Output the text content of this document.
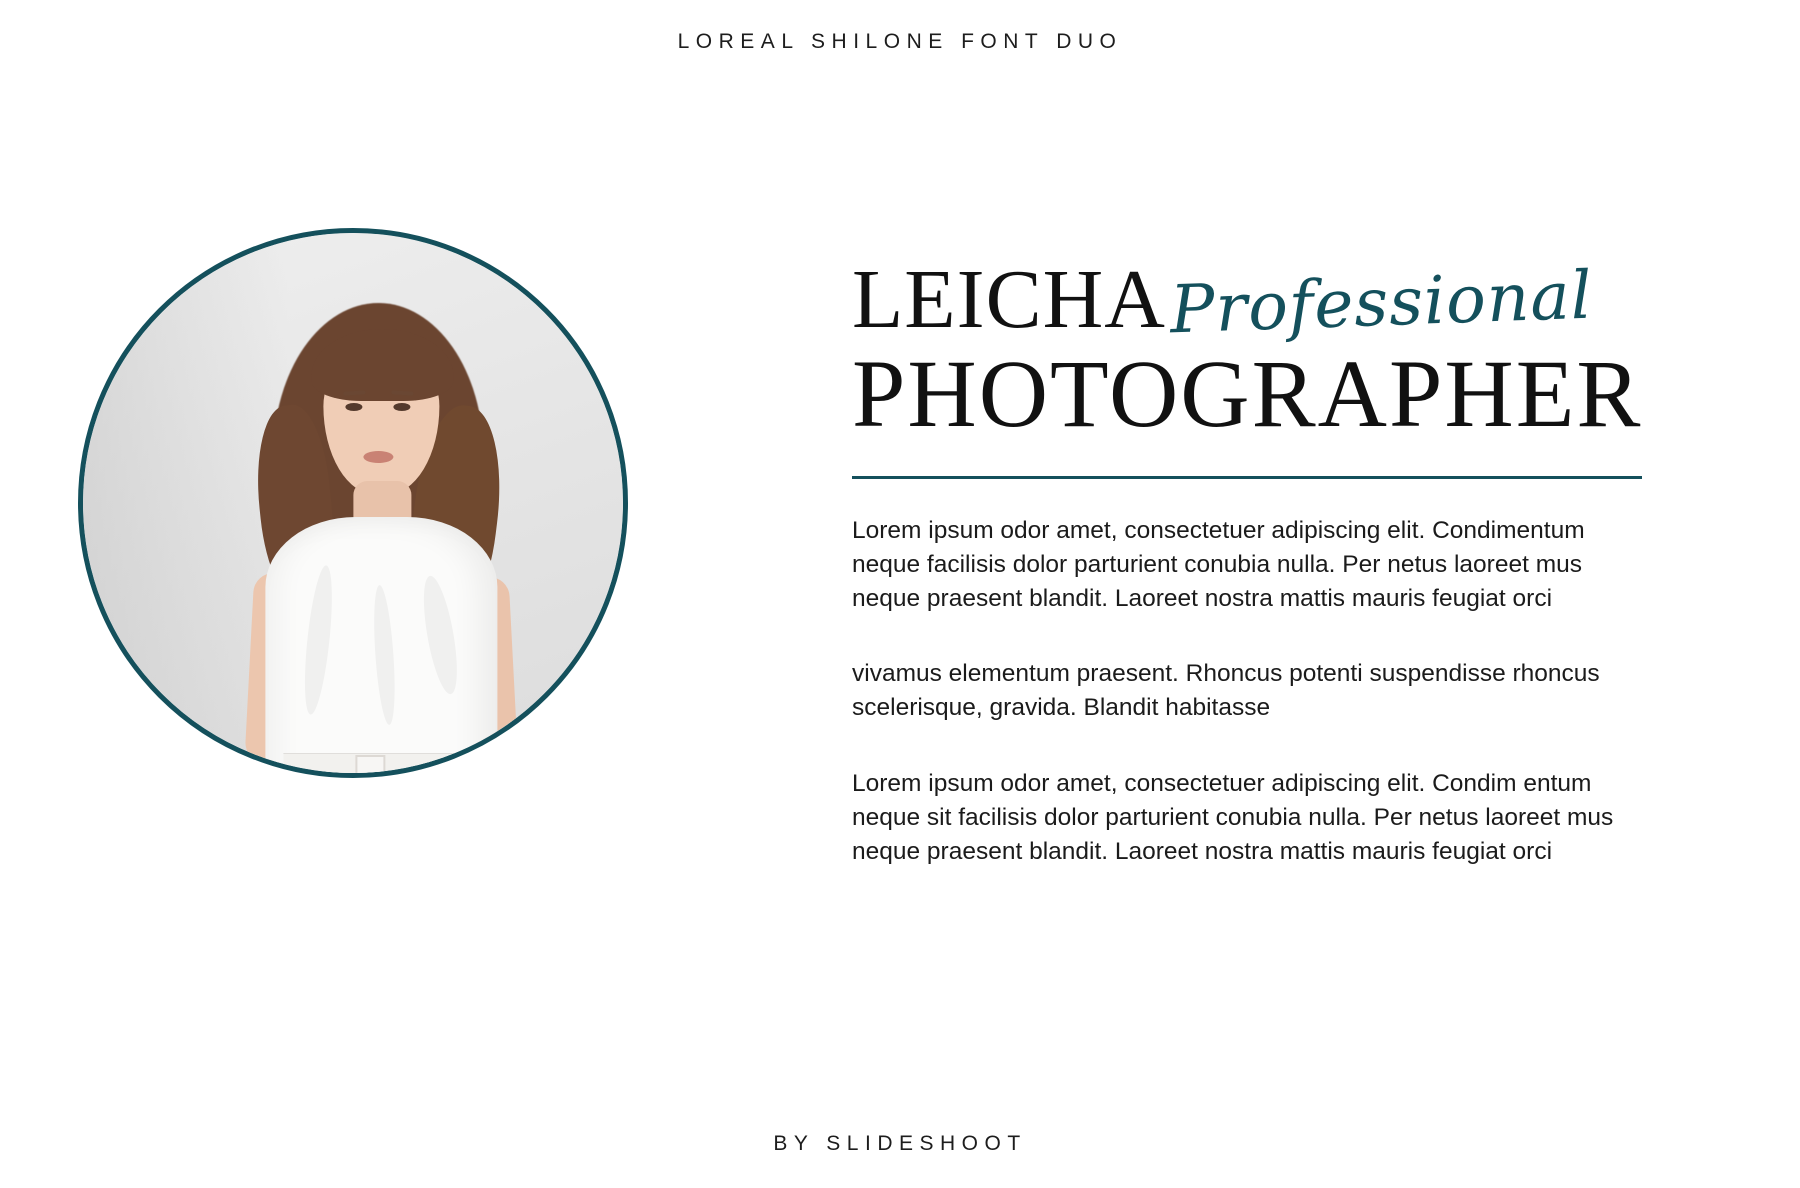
LOREAL SHILONE FONT DUO
LEICHA Professional
PHOTOGRAPHER

Lorem ipsum odor amet, consectetuer adipiscing elit. Condimentum neque facilisis dolor parturient conubia nulla. Per netus laoreet mus neque praesent blandit. Laoreet nostra mattis mauris feugiat orci

vivamus elementum praesent. Rhoncus potenti suspendisse rhoncus scelerisque, gravida. Blandit habitasse

Lorem ipsum odor amet, consectetuer adipiscing elit. Condim entum neque sit facilisis dolor parturient conubia nulla. Per netus laoreet mus neque praesent blandit. Laoreet nostra mattis mauris feugiat orci

BY SLIDESHOOT
